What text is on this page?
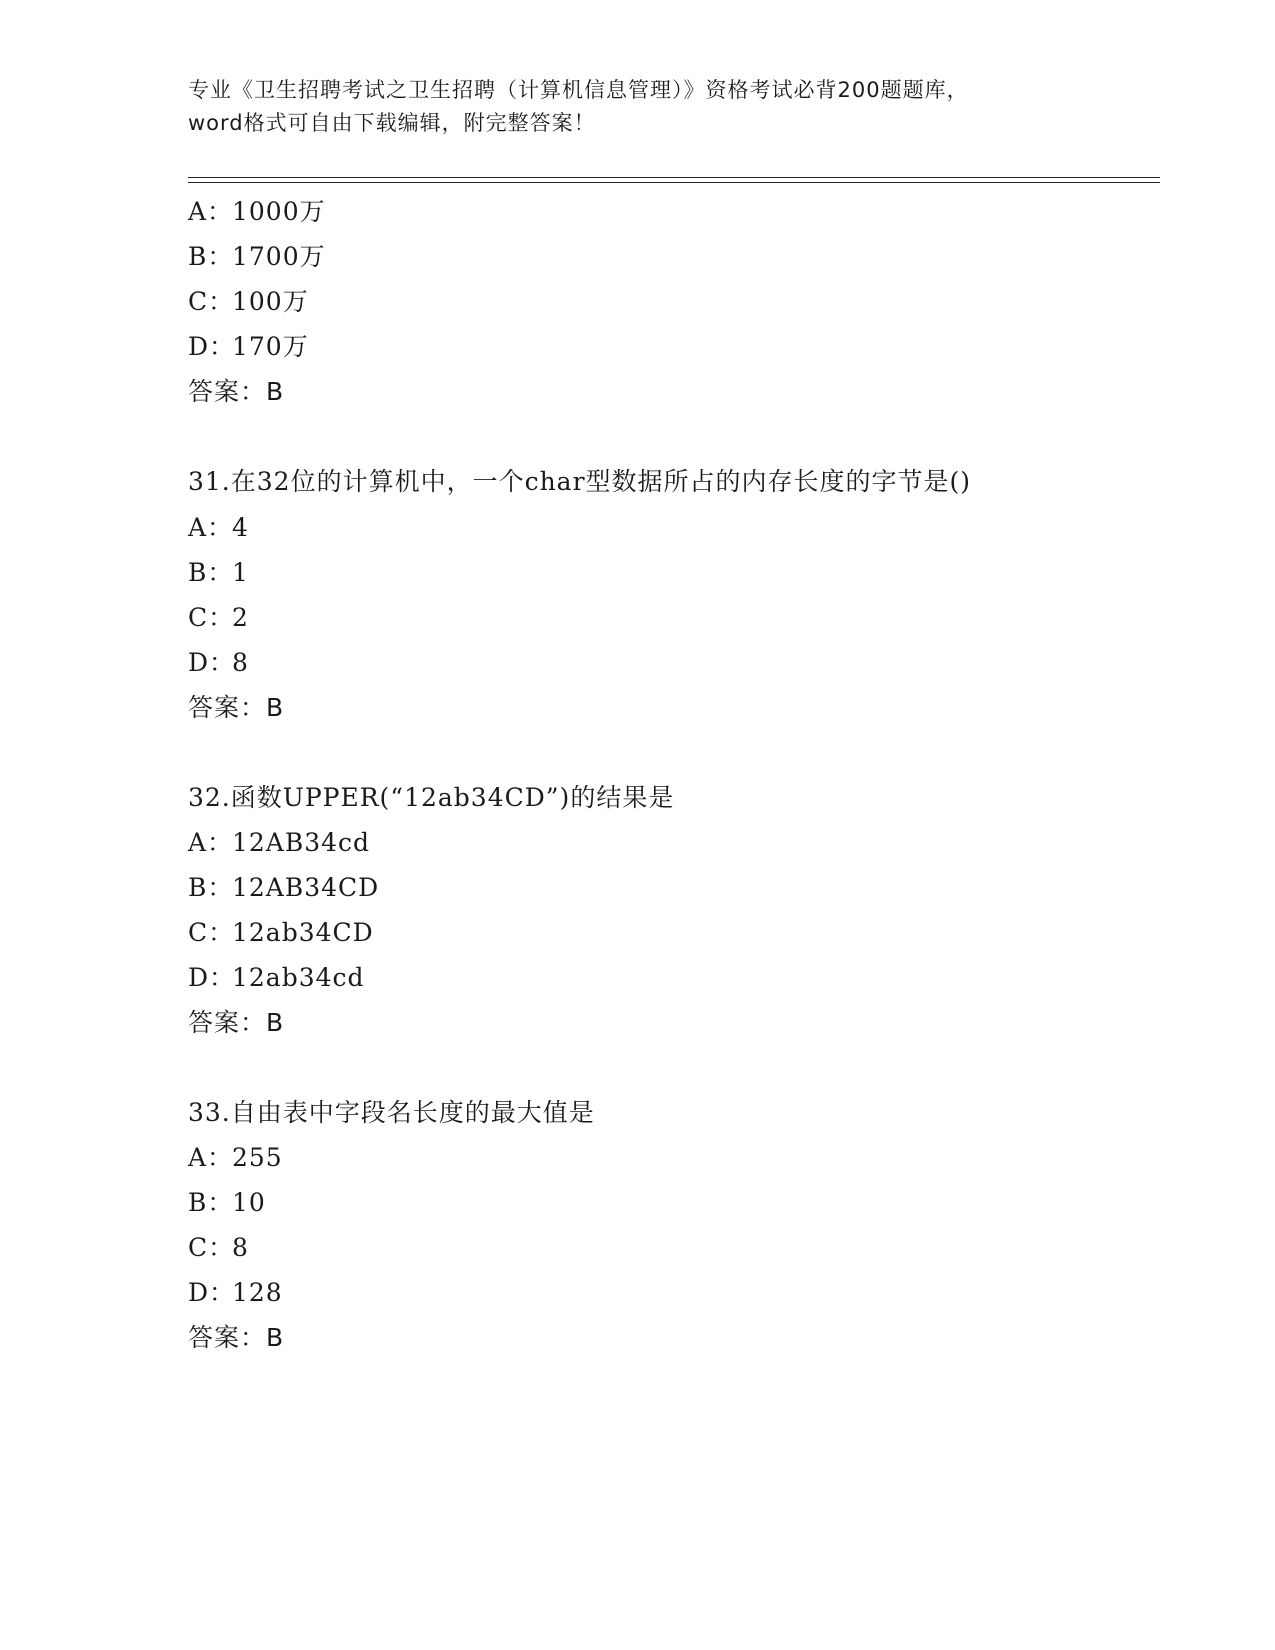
专业《卫生招聘考试之卫生招聘（计算机信息管理）》资格考试必背200题题库，
word格式可自由下载编辑，附完整答案！
A：1000万
B：1700万
C：100万
D：170万
答案：B
31.在32位的计算机中，一个char型数据所占的内存长度的字节是()
A：4
B：1
C：2
D：8
答案：B
32.函数UPPER(“12ab34CD”)的结果是
A：12AB34cd
B：12AB34CD
C：12ab34CD
D：12ab34cd
答案：B
33.自由表中字段名长度的最大值是
A：255
B：10
C：8
D：128
答案：B
